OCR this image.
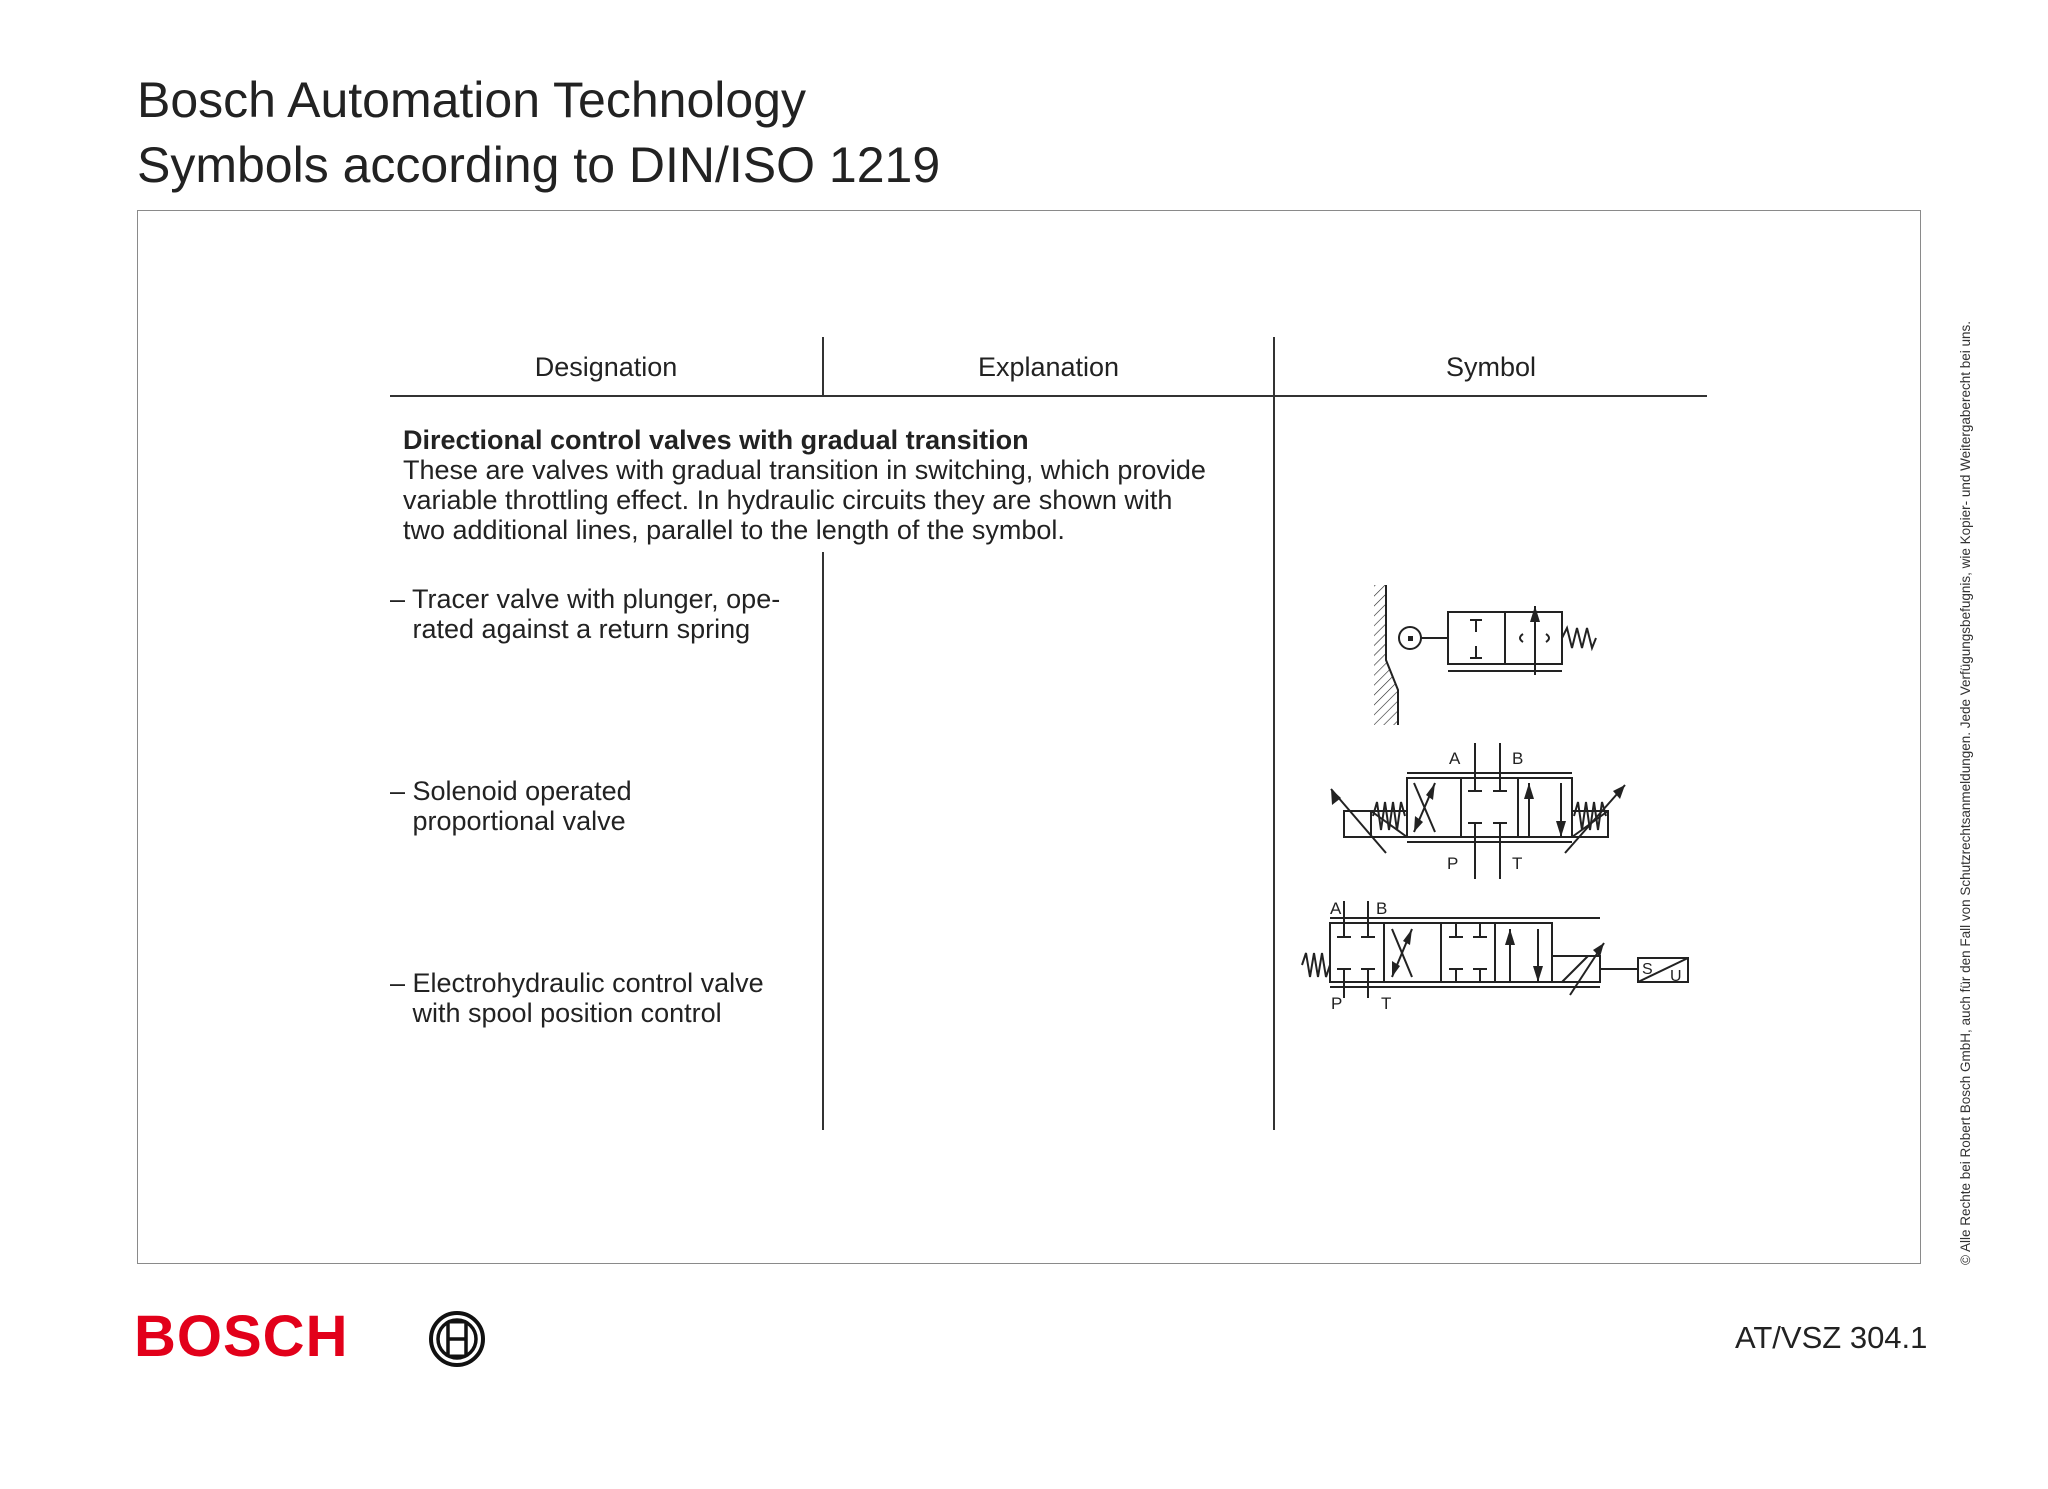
Bosch Automation Technology
Symbols according to DIN/ISO 1219
Designation	Explanation	Symbol
Directional control valves with gradual transition
These are valves with gradual transition in switching, which provide
variable throttling effect. In hydraulic circuits they are shown with
two additional lines, parallel to the length of the symbol.
– Tracer valve with plunger, ope-
rated against a return spring
– Solenoid operated
proportional valve
– Electrohydraulic control valve
with spool position control
A	B
P	T
A B
P T
S U	© Alle Rechte bei Robert Bosch GmbH, auch für den Fall von Schutzrechtsanmeldungen. Jede Verfügungsbefugnis, wie Kopier- und Weitergaberecht bei uns.
BOSCH	AT/VSZ 304.1
